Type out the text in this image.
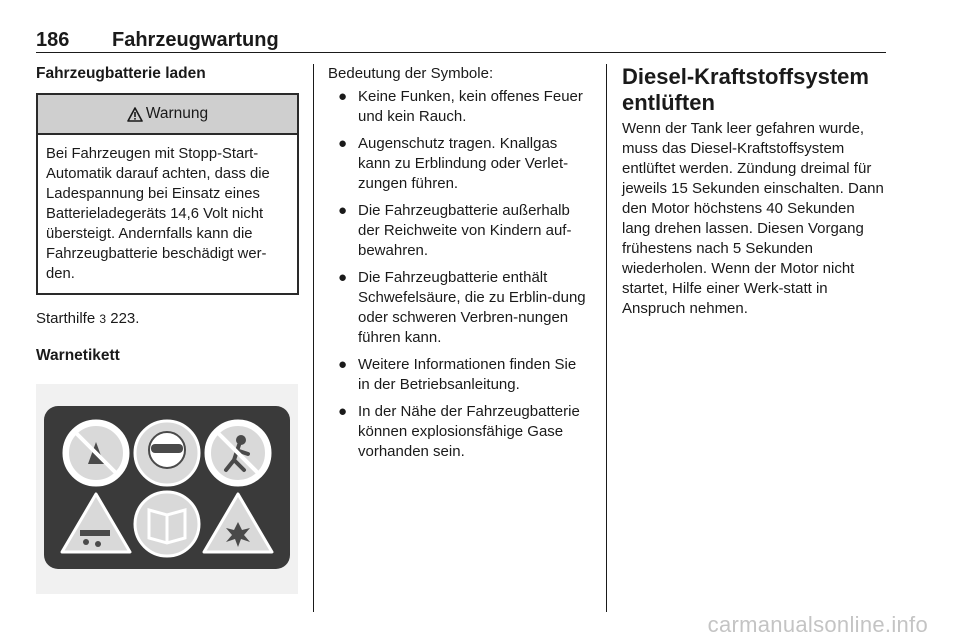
186 Fahrzeugwartung
Fahrzeugbatterie laden
Warnung
Bei Fahrzeugen mit Stopp-Start-Automatik darauf achten, dass die Ladespannung bei Einsatz eines Batterieladegeräts 14,6 Volt nicht übersteigt. Andernfalls kann die Fahrzeugbatterie beschädigt wer-den.

Starthilfe 3 223.

Warnetikett

Bedeutung der Symbole:

● Keine Funken, kein offenes Feuer und kein Rauch.
● Augenschutz tragen. Knallgas kann zu Erblindung oder Verlet-zungen führen.
● Die Fahrzeugbatterie außerhalb der Reichweite von Kindern auf-bewahren.
● Die Fahrzeugbatterie enthält Schwefelsäure, die zu Erblin-dung oder schweren Verbren-nungen führen kann.
● Weitere Informationen finden Sie in der Betriebsanleitung.
● In der Nähe der Fahrzeugbatterie können explosionsfähige Gase vorhanden sein.
Diesel-Kraftstoffsystem entlüften

Wenn der Tank leer gefahren wurde, muss das Diesel-Kraftstoffsystem entlüftet werden. Zündung dreimal für jeweils 15 Sekunden einschalten. Dann den Motor höchstens 40 Sekunden lang drehen lassen. Diesen Vorgang frühestens nach 5 Sekunden wiederholen. Wenn der Motor nicht startet, Hilfe einer Werk-statt in Anspruch nehmen.

carmanualsonline.info
